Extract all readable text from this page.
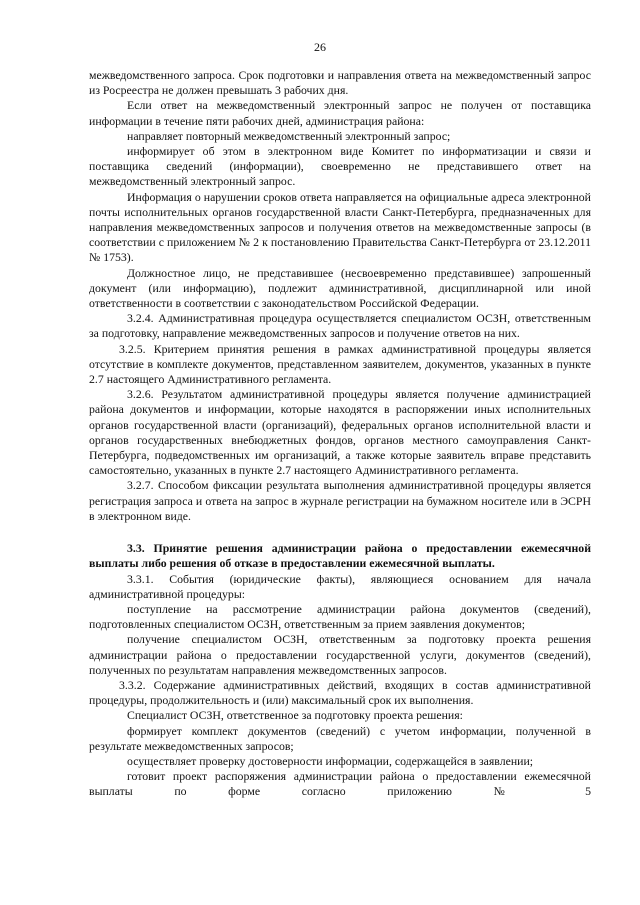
26

межведомственного запроса. Срок подготовки и направления ответа на межведомственный запрос из Росреестра не должен превышать 3 рабочих дня.

Если ответ на межведомственный электронный запрос не получен от поставщика информации в течение пяти рабочих дней, администрация района:

направляет повторный межведомственный электронный запрос;

информирует об этом в электронном виде Комитет по информатизации и связи и поставщика сведений (информации), своевременно не представившего ответ на межведомственный электронный запрос.

Информация о нарушении сроков ответа направляется на официальные адреса электронной почты исполнительных органов государственной власти Санкт-Петербурга, предназначенных для направления межведомственных запросов и получения ответов на межведомственные запросы (в соответствии с приложением № 2 к постановлению Правительства Санкт-Петербурга от 23.12.2011 № 1753).

Должностное лицо, не представившее (несвоевременно представившее) запрошенный документ (или информацию), подлежит административной, дисциплинарной или иной ответственности в соответствии с законодательством Российской Федерации.

3.2.4. Административная процедура осуществляется специалистом ОСЗН, ответственным за подготовку, направление межведомственных запросов и получение ответов на них.

3.2.5. Критерием принятия решения в рамках административной процедуры является отсутствие в комплекте документов, представленном заявителем, документов, указанных в пункте 2.7 настоящего Административного регламента.

3.2.6. Результатом административной процедуры является получение администрацией района документов и информации, которые находятся в распоряжении иных исполнительных органов государственной власти (организаций), федеральных органов исполнительной власти и органов государственных внебюджетных фондов, органов местного самоуправления Санкт-Петербурга, подведомственных им организаций, а также которые заявитель вправе представить самостоятельно, указанных в пункте 2.7 настоящего Административного регламента.

3.2.7. Способом фиксации результата выполнения административной процедуры является регистрация запроса и ответа на запрос в журнале регистрации на бумажном носителе или в ЭСРН в электронном виде.

3.3. Принятие решения администрации района о предоставлении ежемесячной выплаты либо решения об отказе в предоставлении ежемесячной выплаты.

3.3.1. События (юридические факты), являющиеся основанием для начала административной процедуры:

поступление на рассмотрение администрации района документов (сведений), подготовленных специалистом ОСЗН, ответственным за прием заявления документов;

получение специалистом ОСЗН, ответственным за подготовку проекта решения администрации района о предоставлении государственной услуги, документов (сведений), полученных по результатам направления межведомственных запросов.

3.3.2. Содержание административных действий, входящих в состав административной процедуры, продолжительность и (или) максимальный срок их выполнения.

Специалист ОСЗН, ответственное за подготовку проекта решения:

формирует комплект документов (сведений) с учетом информации, полученной в результате межведомственных запросов;

осуществляет проверку достоверности информации, содержащейся в заявлении;

готовит проект распоряжения администрации района о предоставлении ежемесячной выплаты по форме согласно приложению № 5
